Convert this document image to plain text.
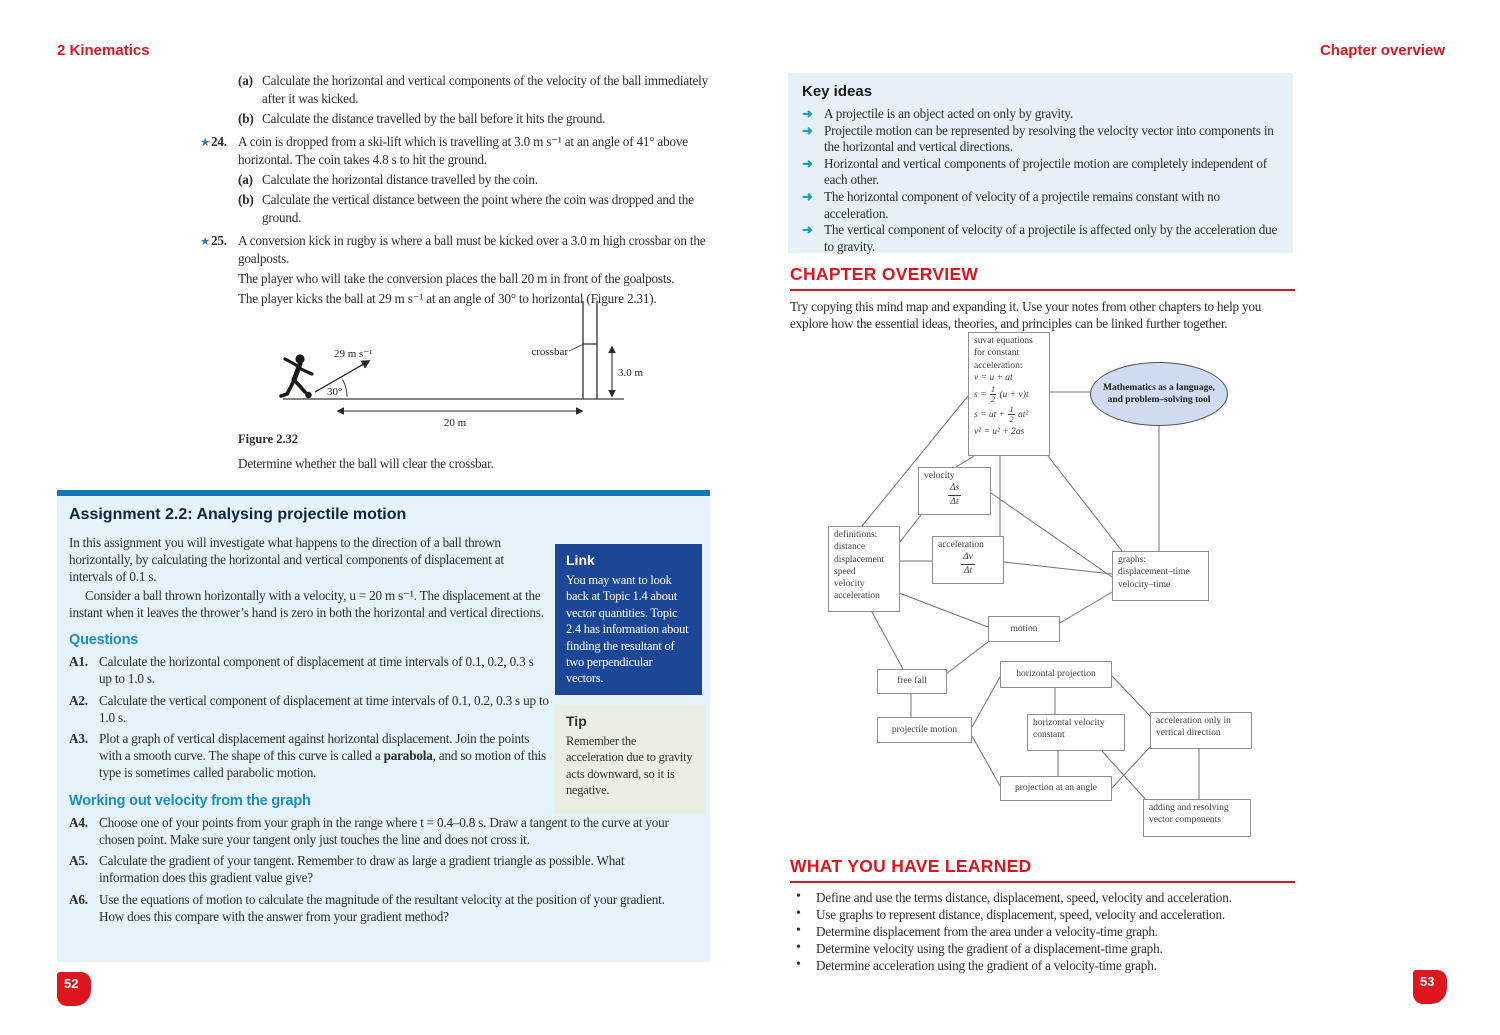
2 Kinematics
(a) Calculate the horizontal and vertical components of the velocity of the ball immediately after it was kicked.
(b) Calculate the distance travelled by the ball before it hits the ground.
★ 24. A coin is dropped from a ski-lift which is travelling at 3.0 m s⁻¹ at an angle of 41° above horizontal. The coin takes 4.8 s to hit the ground.
(a) Calculate the horizontal distance travelled by the coin.
(b) Calculate the vertical distance between the point where the coin was dropped and the ground.
★ 25. A conversion kick in rugby is where a ball must be kicked over a 3.0 m high crossbar on the goalposts.
The player who will take the conversion places the ball 20 m in front of the goalposts.
The player kicks the ball at 29 m s⁻¹ at an angle of 30° to horizontal (Figure 2.31).
29 m s⁻¹
30°
crossbar
3.0 m
20 m
Figure 2.32
Determine whether the ball will clear the crossbar.
Assignment 2.2: Analysing projectile motion
In this assignment you will investigate what happens to the direction of a ball thrown horizontally, by calculating the horizontal and vertical components of displacement at intervals of 0.1 s.
Consider a ball thrown horizontally with a velocity, u = 20 m s⁻¹. The displacement at the instant when it leaves the thrower’s hand is zero in both the horizontal and vertical directions.
Questions
A1. Calculate the horizontal component of displacement at time intervals of 0.1, 0.2, 0.3 s up to 1.0 s.
A2. Calculate the vertical component of displacement at time intervals of 0.1, 0.2, 0.3 s up to 1.0 s.
A3. Plot a graph of vertical displacement against horizontal displacement. Join the points with a smooth curve. The shape of this curve is called a parabola, and so motion of this type is sometimes called parabolic motion.
Working out velocity from the graph
A4. Choose one of your points from your graph in the range where t = 0.4–0.8 s. Draw a tangent to the curve at your chosen point. Make sure your tangent only just touches the line and does not cross it.
A5. Calculate the gradient of your tangent. Remember to draw as large a gradient triangle as possible. What information does this gradient value give?
A6. Use the equations of motion to calculate the magnitude of the resultant velocity at the position of your gradient. How does this compare with the answer from your gradient method?
Link
You may want to look back at Topic 1.4 about vector quantities. Topic 2.4 has information about finding the resultant of two perpendicular vectors.
Tip
Remember the acceleration due to gravity acts downward, so it is negative.
52
Chapter overview
Key ideas
➜ A projectile is an object acted on only by gravity.
➜ Projectile motion can be represented by resolving the velocity vector into components in the horizontal and vertical directions.
➜ Horizontal and vertical components of projectile motion are completely independent of each other.
➜ The horizontal component of velocity of a projectile remains constant with no acceleration.
➜ The vertical component of velocity of a projectile is affected only by the acceleration due to gravity.
CHAPTER OVERVIEW
Try copying this mind map and expanding it. Use your notes from other chapters to help you explore how the essential ideas, theories, and principles can be linked further together.
suvat equations
for constant
acceleration:
v = u + at
s =
$\frac{1}{2}$
(u + v)t
s = ut +
$\frac{1}{2}$
at²
v² = u² + 2as
Mathematics as a language, and problem–solving tool
velocity
Δs
Δt
definitions:
distance
displacement
speed
velocity
acceleration
acceleration
Δv
Δt
graphs:
displacement–time
velocity–time
motion
free fall
projectile motion
horizontal projection
horizontal velocity constant
acceleration only in vertical direction
projection at an angle
adding and resolving vector components
WHAT YOU HAVE LEARNED
• Define and use the terms distance, displacement, speed, velocity and acceleration.
• Use graphs to represent distance, displacement, speed, velocity and acceleration.
• Determine displacement from the area under a velocity-time graph.
• Determine velocity using the gradient of a displacement-time graph.
• Determine acceleration using the gradient of a velocity-time graph.
53
